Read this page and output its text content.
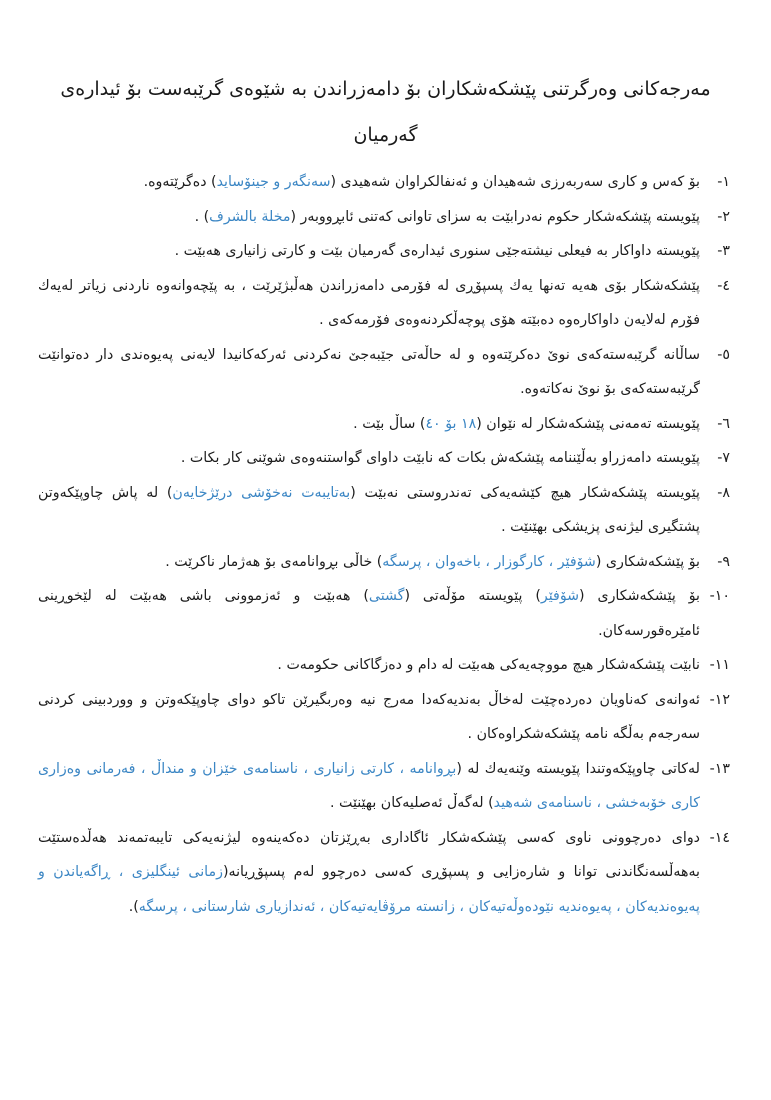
مەرجەکانی وەرگرتنی پێشکەشکاران بۆ دامەزراندن بە شێوەی گرێبەست بۆ ئیدارەی گەرمیان
١-
بۆ کەس و کاری سەربەرزی شەهیدان و ئەنفالکراوان شەهیدی (سەنگەر و جینۆساید) دەگرێتەوە.
٢-
پێویستە پێشکەشکار حکوم نەدرابێت بە سزای تاوانی کەتنی ئابڕووبەر (مخلة بالشرف) .
٣-
پێویستە داواکار بە فیعلی نیشتەجێی سنوری ئیدارەی گەرمیان بێت و کارتی زانیاری هەبێت .
٤-
پێشکەشکار بۆی هەیە تەنها یەك پسپۆڕی لە فۆرمی دامەزراندن هەڵبژێرێت ، بە پێچەوانەوە ناردنی زیاتر لەیەك فۆرم لەلایەن داواکارەوە دەبێتە هۆی پوچەڵکردنەوەی فۆرمەکەی .
٥-
ساڵانە گرێبەستەکەی نوێ دەکرێتەوە و لە حاڵەتی جێبەجێ نەکردنی ئەرکەکانیدا لایەنی پەیوەندی دار دەتوانێت گرێبەستەکەی بۆ نوێ نەکاتەوە.
٦-
پێویستە تەمەنی پێشکەشکار لە نێوان (١٨ بۆ ٤٠) ساڵ بێت .
٧-
پێویستە دامەزراو بەڵێننامە پێشکەش بکات کە نابێت داوای گواستنەوەی شوێنی کار بکات .
٨-
پێویستە پێشکەشکار هیچ کێشەیەکی تەندروستی نەبێت (بەتایبەت نەخۆشی درێژخایەن) لە پاش چاوپێکەوتن پشتگیری لیژنەی پزیشکی بهێنێت .
٩-
بۆ پێشکەشکاری (شۆفێر ، کارگوزار ، باخەوان ، پرسگە) خاڵی بڕوانامەی بۆ هەژمار ناکرێت .
١٠-
بۆ پێشکەشکاری (شۆفێر) پێویستە مۆڵەتی (گشتی) هەبێت و ئەزموونی باشی هەبێت لە لێخوڕینی ئامێرەقورسەکان.
١١-
نابێت پێشکەشکار هیچ مووچەیەکی هەبێت لە دام و دەزگاکانی حکومەت .
١٢-
ئەوانەی کەناویان دەردەچێت لەخاڵ بەندیەکەدا مەرج نیە وەربگیرێن تاکو دوای چاوپێکەوتن و ووردبینی کردنی سەرجەم بەڵگە نامە پێشکەشکراوەکان .
١٣-
لەکاتی چاوپێکەوتندا پێویستە وێنەیەك لە (بڕوانامە ، کارتی زانیاری ، ناسنامەی خێزان و منداڵ ، فەرمانی وەزاری کاری خۆبەخشی ، ناسنامەی شەهید) لەگەڵ ئەصلیەکان بهێنێت .
١٤-
دوای دەرچوونی ناوی کەسی پێشکەشکار ئاگاداری بەڕێزتان دەکەینەوە لیژنەیەکی تایبەتمەند هەڵدەستێت بەهەڵسەنگاندنی توانا و شارەزایی و پسپۆڕی کەسی دەرچوو لەم پسپۆڕیانە(زمانی ئینگلیزی ، ڕاگەیاندن و پەیوەندیەکان ، پەیوەندیە نێودەوڵەتیەکان ، زانستە مرۆڤایەتیەکان ، ئەندازیاری شارستانی ، پرسگە).
